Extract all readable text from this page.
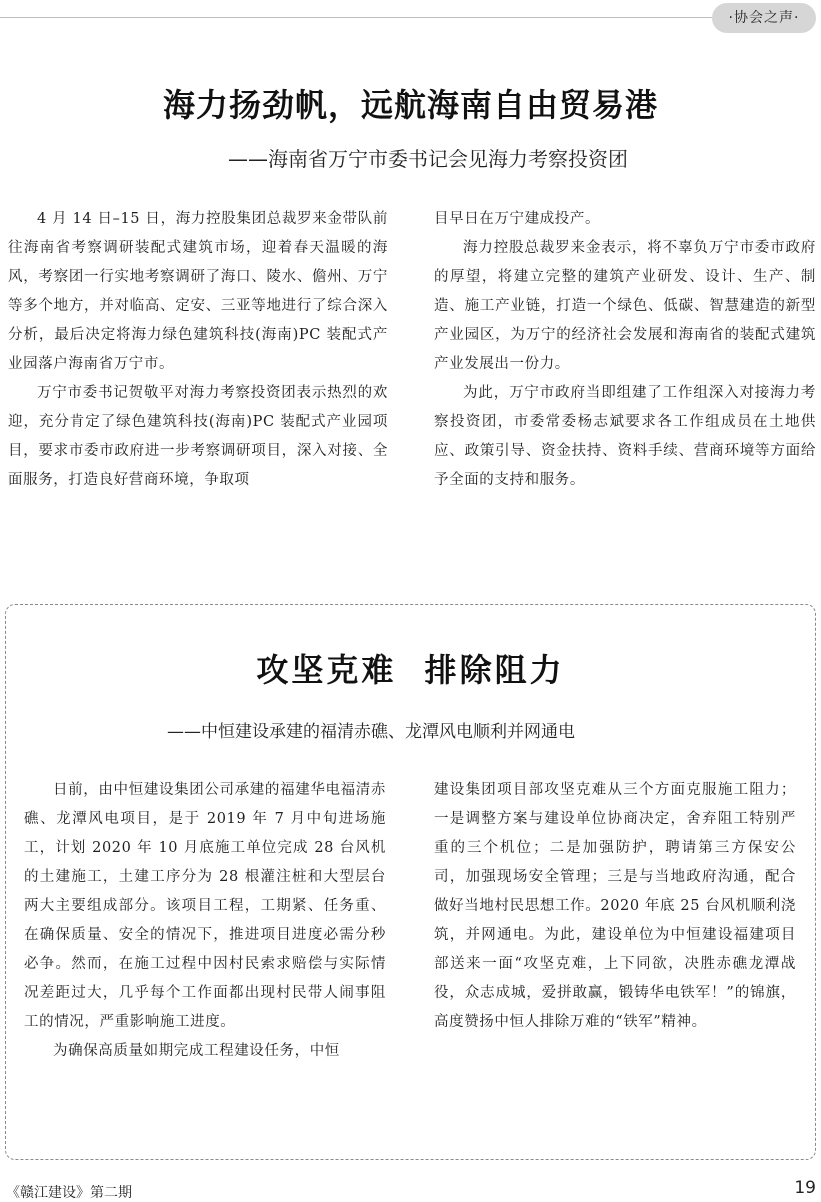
·协会之声·
海力扬劲帆，远航海南自由贸易港
——海南省万宁市委书记会见海力考察投资团

4 月 14 日–15 日，海力控股集团总裁罗来金带队前往海南省考察调研装配式建筑市场，迎着春天温暖的海风，考察团一行实地考察调研了海口、陵水、儋州、万宁等多个地方，并对临高、定安、三亚等地进行了综合深入分析，最后决定将海力绿色建筑科技(海南)PC 装配式产业园落户海南省万宁市。

万宁市委书记贺敬平对海力考察投资团表示热烈的欢迎，充分肯定了绿色建筑科技(海南)PC 装配式产业园项目，要求市委市政府进一步考察调研项目，深入对接、全面服务，打造良好营商环境，争取项

目早日在万宁建成投产。

海力控股总裁罗来金表示，将不辜负万宁市委市政府的厚望，将建立完整的建筑产业研发、设计、生产、制造、施工产业链，打造一个绿色、低碳、智慧建造的新型产业园区，为万宁的经济社会发展和海南省的装配式建筑产业发展出一份力。

为此，万宁市政府当即组建了工作组深入对接海力考察投资团，市委常委杨志斌要求各工作组成员在土地供应、政策引导、资金扶持、资料手续、营商环境等方面给予全面的支持和服务。

攻坚克难  排除阻力
——中恒建设承建的福清赤礁、龙潭风电顺利并网通电

日前，由中恒建设集团公司承建的福建华电福清赤礁、龙潭风电项目，是于 2019 年 7 月中旬进场施工，计划 2020 年 10 月底施工单位完成 28 台风机的土建施工，土建工序分为 28 根灌注桩和大型层台两大主要组成部分。该项目工程，工期紧、任务重、在确保质量、安全的情况下，推进项目进度必需分秒必争。然而，在施工过程中因村民索求赔偿与实际情况差距过大，几乎每个工作面都出现村民带人闹事阻工的情况，严重影响施工进度。

为确保高质量如期完成工程建设任务，中恒

建设集团项目部攻坚克难从三个方面克服施工阻力；一是调整方案与建设单位协商决定，舍弃阻工特别严重的三个机位；二是加强防护，聘请第三方保安公司，加强现场安全管理；三是与当地政府沟通，配合做好当地村民思想工作。2020 年底 25 台风机顺利浇筑，并网通电。为此，建设单位为中恒建设福建项目部送来一面“攻坚克难，上下同欲，决胜赤礁龙潭战役，众志成城，爱拼敢赢，锻铸华电铁军！”的锦旗，高度赞扬中恒人排除万难的“铁军”精神。

《赣江建设》第二期	19
